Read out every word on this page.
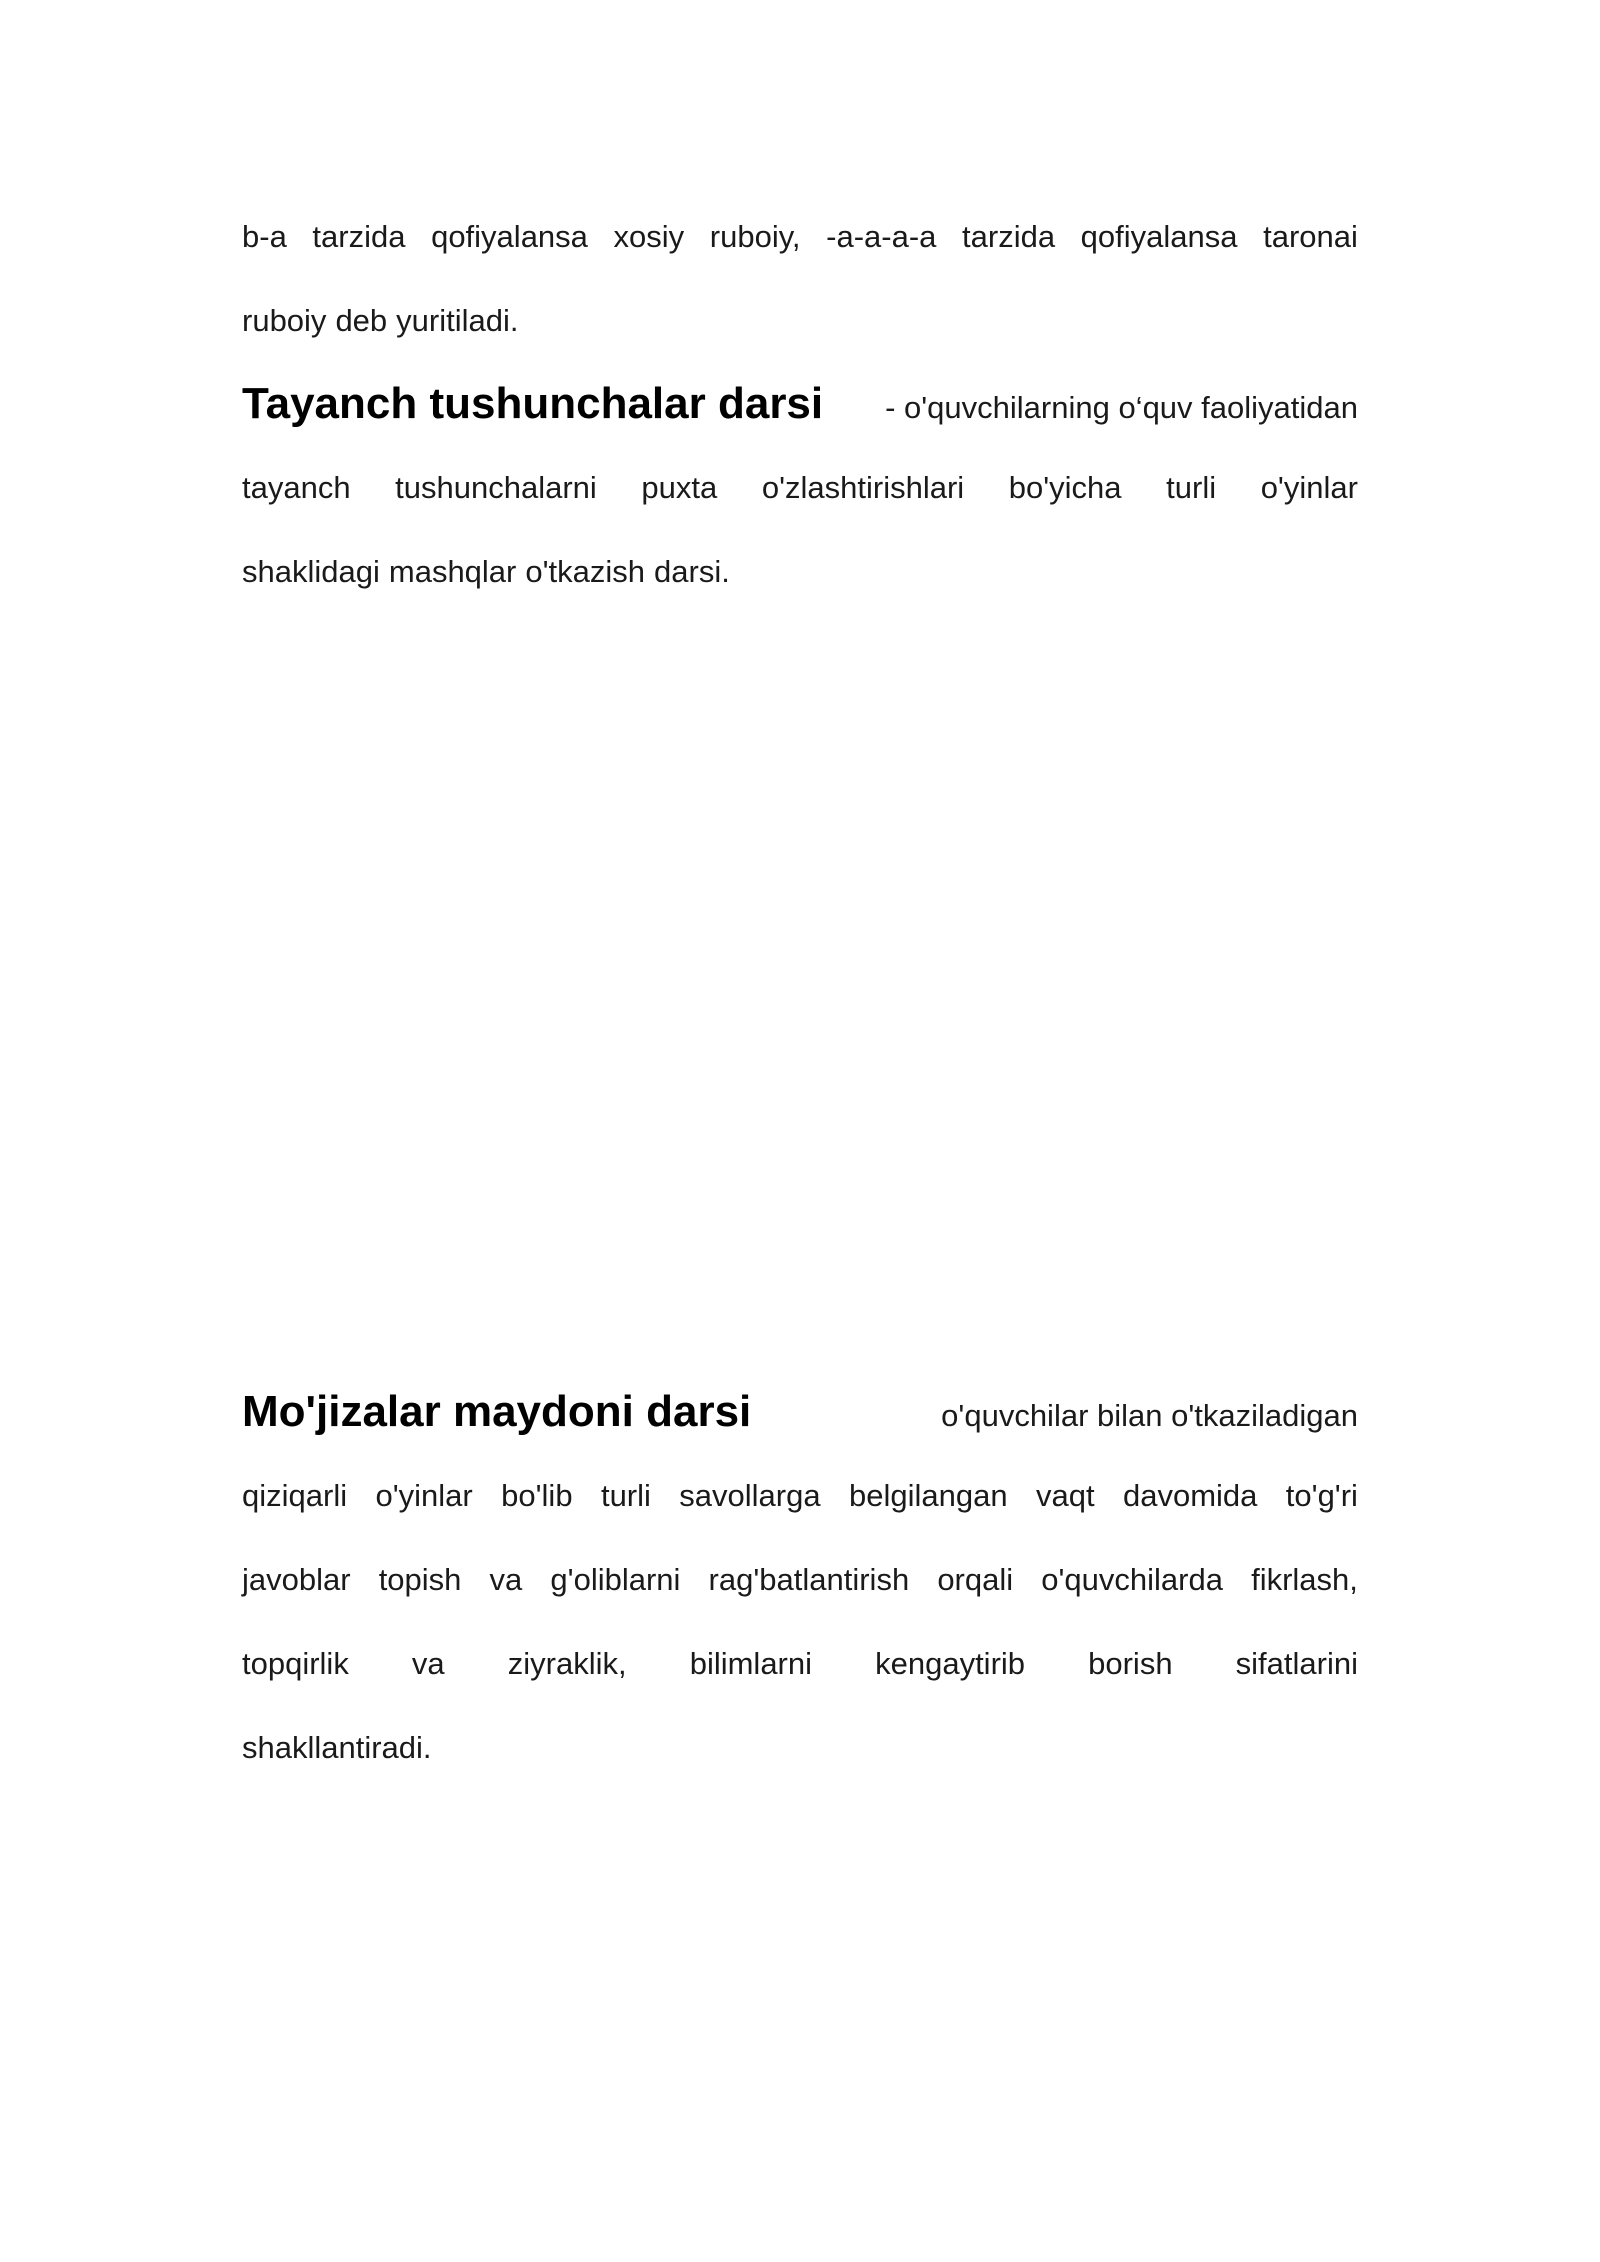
b-a tarzida qofiyalansa xosiy ruboiy, -a-a-a-a tarzida qofiyalansa taronai
ruboiy deb yuritiladi.
Tayanch tushunchalar darsi - o'quvchilarning o‘quv faoliyatidan
tayanch tushunchalarni puxta o'zlashtirishlari bo'yicha turli o'yinlar
shaklidagi mashqlar o'tkazish darsi.
Mo'jizalar maydoni darsi	o'quvchilar bilan o'tkaziladigan
qiziqarli o'yinlar bo'lib turli savollarga belgilangan vaqt davomida to'g'ri
javoblar topish va g'oliblarni rag'batlantirish orqali o'quvchilarda fikrlash,
topqirlik va ziyraklik, bilimlarni kengaytirib borish sifatlarini
shakllantiradi.
